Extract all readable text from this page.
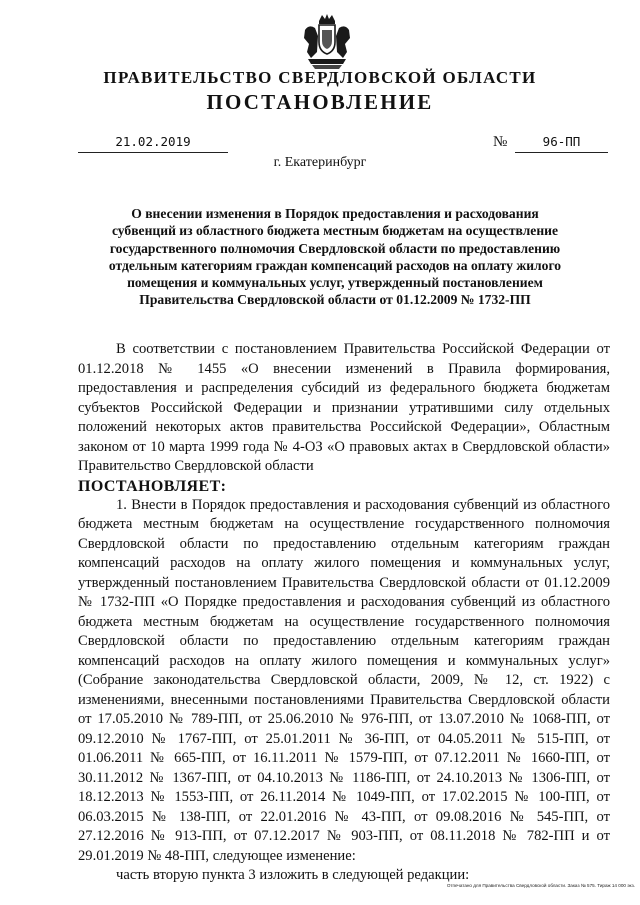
ПРАВИТЕЛЬСТВО СВЕРДЛОВСКОЙ ОБЛАСТИ
ПОСТАНОВЛЕНИЕ
21.02.2019	№	96-ПП
г. Екатеринбург
О внесении изменения в Порядок предоставления и расходования
субвенций из областного бюджета местным бюджетам на осуществление
государственного полномочия Свердловской области по предоставлению
отдельным категориям граждан компенсаций расходов на оплату жилого
помещения и коммунальных услуг, утвержденный постановлением
Правительства Свердловской области от 01.12.2009 № 1732-ПП

В соответствии с постановлением Правительства Российской Федерации от 01.12.2018 № 1455 «О внесении изменений в Правила формирования, предоставления и распределения субсидий из федерального бюджета бюджетам субъектов Российской Федерации и признании утратившими силу отдельных положений некоторых актов правительства Российской Федерации», Областным законом от 10 марта 1999 года № 4-ОЗ «О правовых актах в Свердловской области» Правительство Свердловской области

ПОСТАНОВЛЯЕТ:

1. Внести в Порядок предоставления и расходования субвенций из областного бюджета местным бюджетам на осуществление государственного полномочия Свердловской области по предоставлению отдельным категориям граждан компенсаций расходов на оплату жилого помещения и коммунальных услуг, утвержденный постановлением Правительства Свердловской области от 01.12.2009 № 1732-ПП «О Порядке предоставления и расходования субвенций из областного бюджета местным бюджетам на осуществление государственного полномочия Свердловской области по предоставлению отдельным категориям граждан компенсаций расходов на оплату жилого помещения и коммунальных услуг» (Собрание законодательства Свердловской области, 2009, № 12, ст. 1922) с изменениями, внесенными постановлениями Правительства Свердловской области от 17.05.2010 № 789-ПП, от 25.06.2010 № 976-ПП, от 13.07.2010 № 1068-ПП, от 09.12.2010 № 1767-ПП, от 25.01.2011 № 36-ПП, от 04.05.2011 № 515-ПП, от 01.06.2011 № 665-ПП, от 16.11.2011 № 1579-ПП, от 07.12.2011 № 1660-ПП, от 30.11.2012 № 1367-ПП, от 04.10.2013 № 1186-ПП, от 24.10.2013 № 1306-ПП, от 18.12.2013 № 1553-ПП, от 26.11.2014 № 1049-ПП, от 17.02.2015 № 100-ПП, от 06.03.2015 № 138-ПП, от 22.01.2016 № 43-ПП, от 09.08.2016 № 545-ПП, от 27.12.2016 № 913-ПП, от 07.12.2017 № 903-ПП, от 08.11.2018 № 782-ПП и от 29.01.2019 № 48-ПП, следующее изменение:

часть вторую пункта 3 изложить в следующей редакции:

Отпечатано для Правительства Свердловской области. Заказ № 575. Тираж 14 000 экз.
